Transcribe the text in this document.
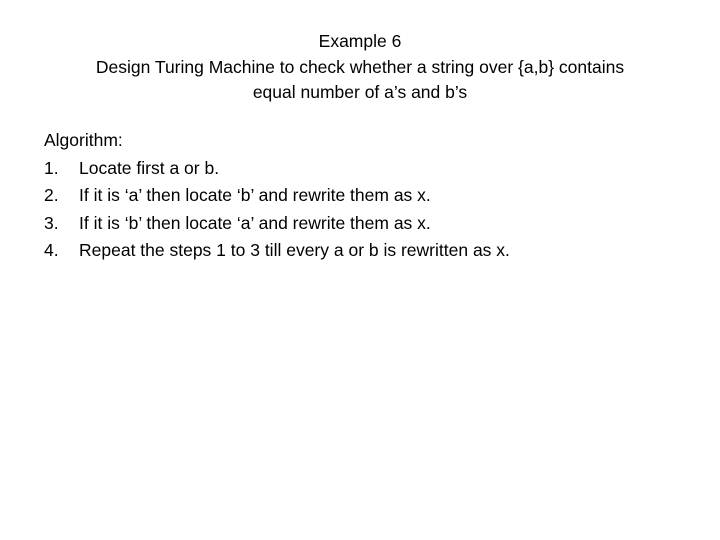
Example 6
Design Turing Machine to check whether a string over {a,b} contains
equal number of a’s and b’s
Algorithm:
1. Locate first a or b.
2. If it is ‘a’ then locate ‘b’ and rewrite them as x.
3. If it is ‘b’ then locate ‘a’ and rewrite them as x.
4. Repeat the steps 1 to 3 till every a or b is rewritten as x.
